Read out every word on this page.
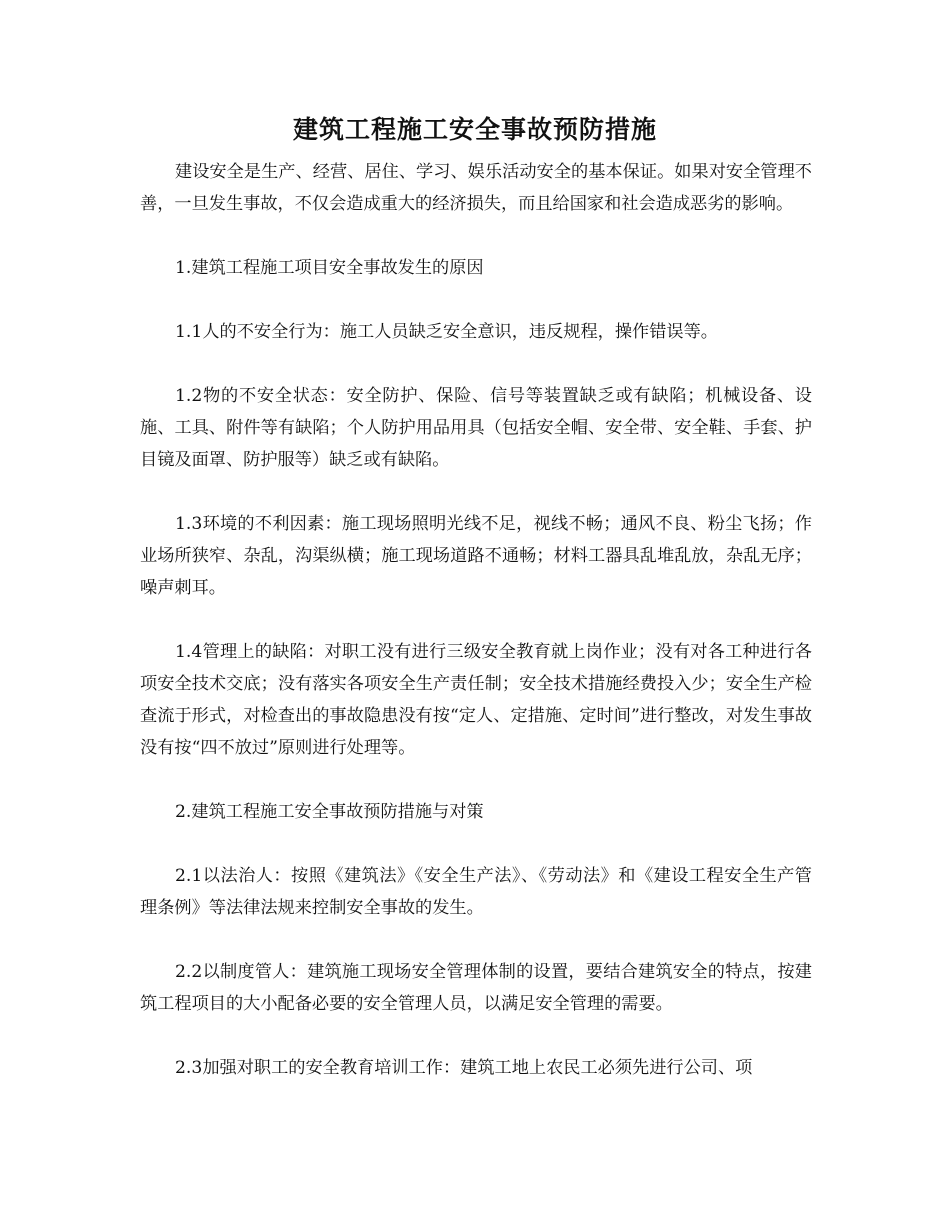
建筑工程施工安全事故预防措施

建设安全是生产、经营、居住、学习、娱乐活动安全的基本保证。如果对安全管理不善，一旦发生事故，不仅会造成重大的经济损失，而且给国家和社会造成恶劣的影响。

1.建筑工程施工项目安全事故发生的原因

1.1人的不安全行为：施工人员缺乏安全意识，违反规程，操作错误等。

1.2物的不安全状态：安全防护、保险、信号等装置缺乏或有缺陷；机械设备、设施、工具、附件等有缺陷；个人防护用品用具（包括安全帽、安全带、安全鞋、手套、护目镜及面罩、防护服等）缺乏或有缺陷。

1.3环境的不利因素：施工现场照明光线不足，视线不畅；通风不良、粉尘飞扬；作业场所狭窄、杂乱，沟渠纵横；施工现场道路不通畅；材料工器具乱堆乱放，杂乱无序；噪声刺耳。

1.4管理上的缺陷：对职工没有进行三级安全教育就上岗作业；没有对各工种进行各项安全技术交底；没有落实各项安全生产责任制；安全技术措施经费投入少；安全生产检查流于形式，对检查出的事故隐患没有按“定人、定措施、定时间”进行整改，对发生事故没有按“四不放过”原则进行处理等。

2.建筑工程施工安全事故预防措施与对策

2.1以法治人：按照《建筑法》《安全生产法》、《劳动法》和《建设工程安全生产管理条例》等法律法规来控制安全事故的发生。

2.2以制度管人：建筑施工现场安全管理体制的设置，要结合建筑安全的特点，按建筑工程项目的大小配备必要的安全管理人员，以满足安全管理的需要。

2.3加强对职工的安全教育培训工作：建筑工地上农民工必须先进行公司、项
